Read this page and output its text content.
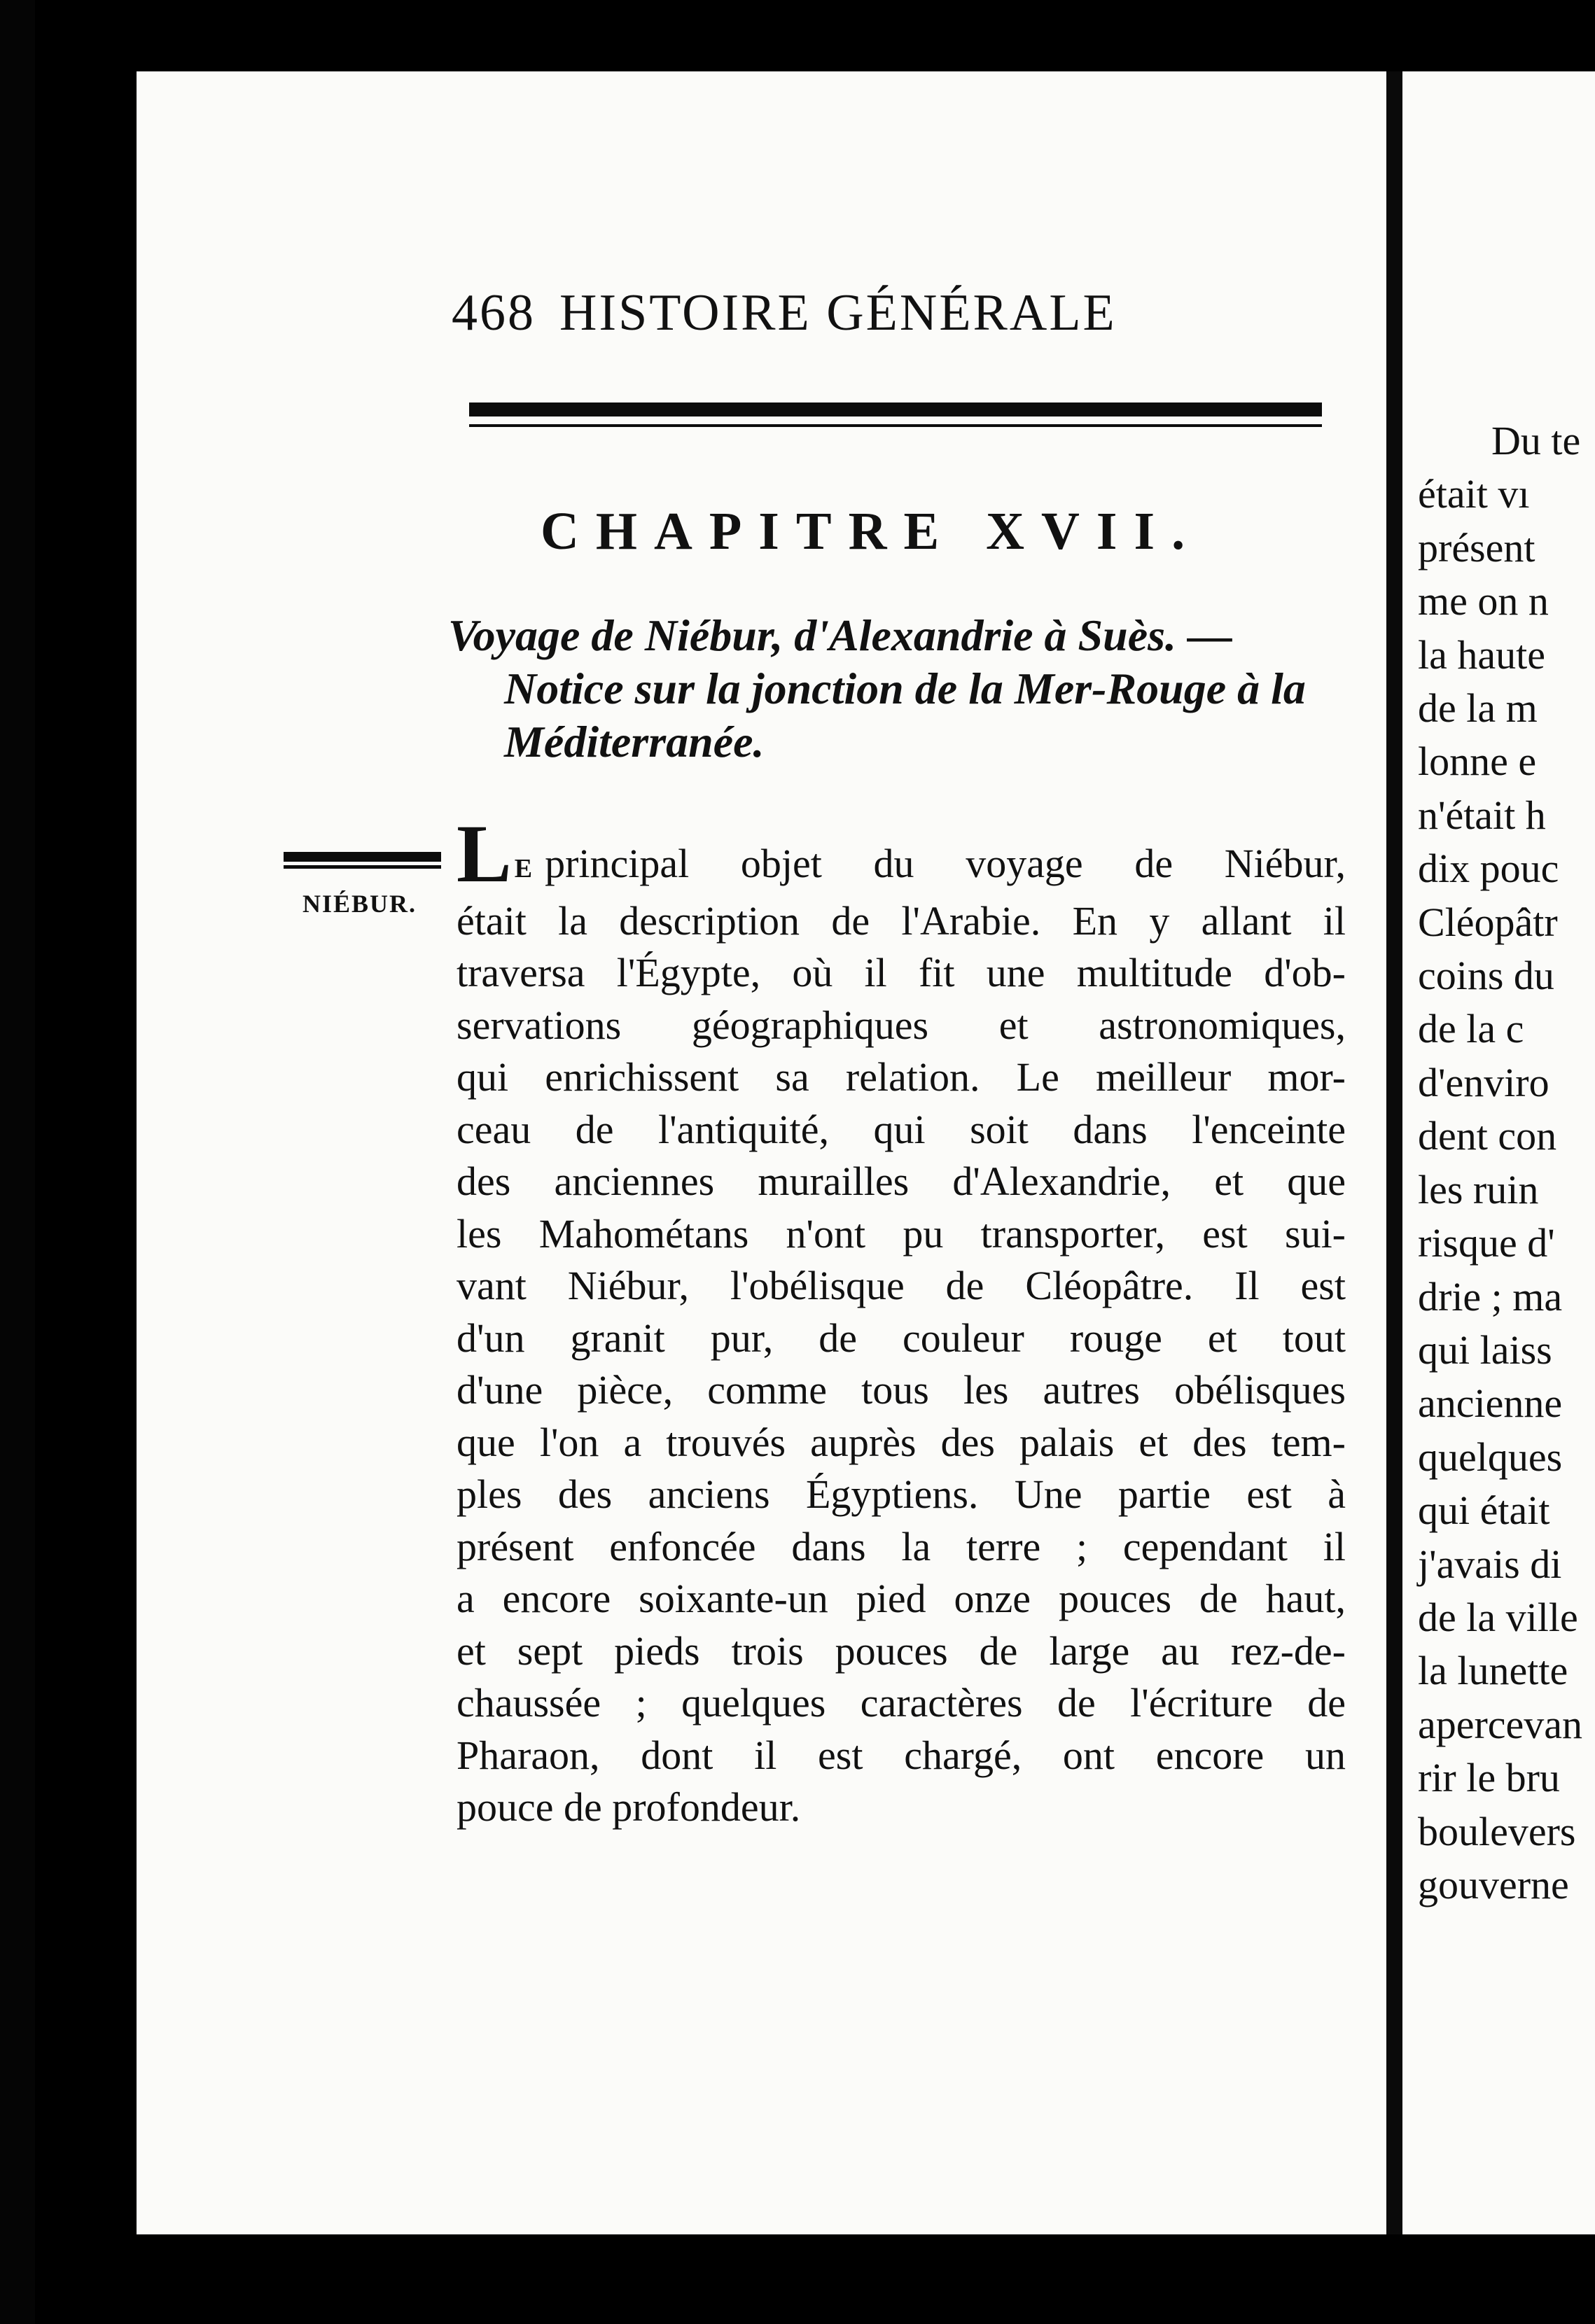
468 HISTOIRE GÉNÉRALE
CHAPITRE XVII.
Voyage de Niébur, d'Alexandrie à Suès. —
Notice sur la jonction de la Mer-Rouge à la
Méditerranée.
NIÉBUR.
L E principal objet du voyage de Niébur,
était la description de l'Arabie. En y allant il
traversa l'Égypte, où il fit une multitude d'ob-
servations géographiques et astronomiques,
qui enrichissent sa relation. Le meilleur mor-
ceau de l'antiquité, qui soit dans l'enceinte
des anciennes murailles d'Alexandrie, et que
les Mahométans n'ont pu transporter, est sui-
vant Niébur, l'obélisque de Cléopâtre. Il est
d'un granit pur, de couleur rouge et tout
d'une pièce, comme tous les autres obélisques
que l'on a trouvés auprès des palais et des tem-
ples des anciens Égyptiens. Une partie est à
présent enfoncée dans la terre ; cependant il
a encore soixante-un pied onze pouces de haut,
et sept pieds trois pouces de large au rez-de-
chaussée ; quelques caractères de l'écriture de
Pharaon, dont il est chargé, ont encore un
pouce de profondeur.
Du te
était vı
présent
me on n
la haute
de la m
lonne e
n'était h
dix pouc
Cléopâtr
coins du
de la c
d'enviro
dent con
les ruin
risque d'
drie ; ma
qui laiss
ancienne
quelques
qui était
j'avais di
de la ville
la lunette
apercevan
rir le bru
boulevers
gouverne
